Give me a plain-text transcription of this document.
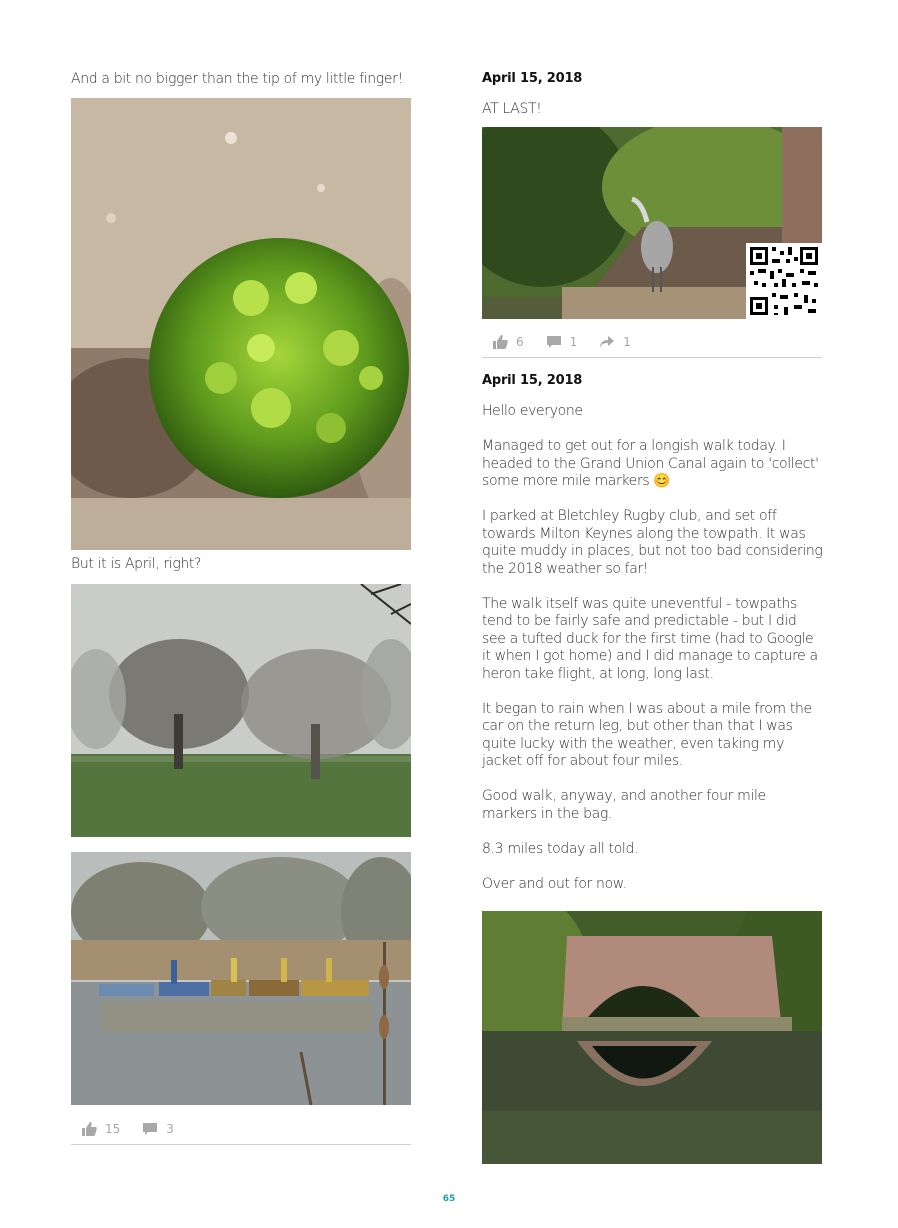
And a bit no bigger than the tip of my little finger!
But it is April, right?
15	3
April 15, 2018
AT LAST!
6	1	1
April 15, 2018

Hello everyone

Managed to get out for a longish walk today. I headed to the Grand Union Canal again to 'collect' some more mile markers 😊

I parked at Bletchley Rugby club, and set off towards Milton Keynes along the towpath. It was quite muddy in places, but not too bad considering the 2018 weather so far!

The walk itself was quite uneventful - towpaths tend to be fairly safe and predictable - but I did see a tufted duck for the first time (had to Google it when I got home) and I did manage to capture a heron take flight, at long, long last.

It began to rain when I was about a mile from the car on the return leg, but other than that I was quite lucky with the weather, even taking my jacket off for about four miles.

Good walk, anyway, and another four mile markers in the bag.

8.3 miles today all told.

Over and out for now.

65
